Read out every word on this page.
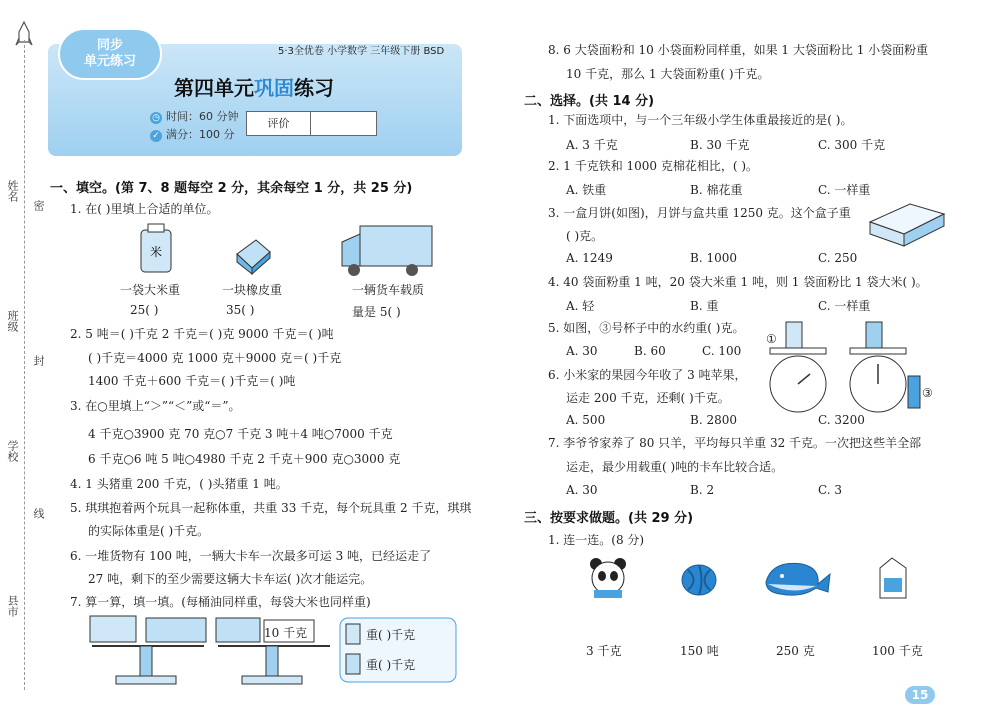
姓名
密
班级
封
学校
线
县市
同步
单元练习
5·3全优卷 小学数学 三年级下册 BSD
第四单元巩固练习
◷ 时间：60 分钟
✓ 满分：100 分
评价
一、填空。(第 7、8 题每空 2 分，其余每空 1 分，共 25 分)
1. 在( )里填上合适的单位。
米
一袋大米重	一块橡皮重	一辆货车载质
25( )	35( )	量是 5( )
2. 5 吨＝( )千克 2 千克＝( )克 9000 千克＝( )吨
( )千克＝4000 克 1000 克＋9000 克＝( )千克
1400 千克＋600 千克＝( )千克＝( )吨
3. 在○里填上“＞”“＜”或“＝”。
4 千克○3900 克 70 克○7 千克 3 吨＋4 吨○7000 千克
6 千克○6 吨 5 吨○4980 千克 2 千克＋900 克○3000 克
4. 1 头猪重 200 千克，( )头猪重 1 吨。
5. 琪琪抱着两个玩具一起称体重，共重 33 千克，每个玩具重 2 千克，琪琪
的实际体重是( )千克。
6. 一堆货物有 100 吨，一辆大卡车一次最多可运 3 吨，已经运走了
27 吨，剩下的至少需要这辆大卡车运( )次才能运完。
7. 算一算，填一填。(每桶油同样重，每袋大米也同样重)
10 千克	重( )千克
重( )千克
8. 6 大袋面粉和 10 小袋面粉同样重，如果 1 大袋面粉比 1 小袋面粉重
10 千克，那么 1 大袋面粉重( )千克。
二、选择。(共 14 分)
1. 下面选项中，与一个三年级小学生体重最接近的是( )。
A. 3 千克	B. 30 千克	C. 300 千克
2. 1 千克铁和 1000 克棉花相比，( )。
A. 铁重	B. 棉花重	C. 一样重
3. 一盒月饼(如图)，月饼与盒共重 1250 克。这个盒子重
( )克。
A. 1249	B. 1000	C. 250
4. 40 袋面粉重 1 吨，20 袋大米重 1 吨，则 1 袋面粉比 1 袋大米( )。
A. 轻	B. 重	C. 一样重
5. 如图，③号杯子中的水约重( )克。
A. 30	B. 60	C. 100
①
③
6. 小米家的果园今年收了 3 吨苹果，
运走 200 千克，还剩( )千克。
A. 500	B. 2800	C. 3200
7. 李爷爷家养了 80 只羊，平均每只羊重 32 千克。一次把这些羊全部
运走，最少用载重( )吨的卡车比较合适。
A. 30	B. 2	C. 3
三、按要求做题。(共 29 分)
1. 连一连。(8 分)
3 千克	150 吨	250 克	100 千克
15
